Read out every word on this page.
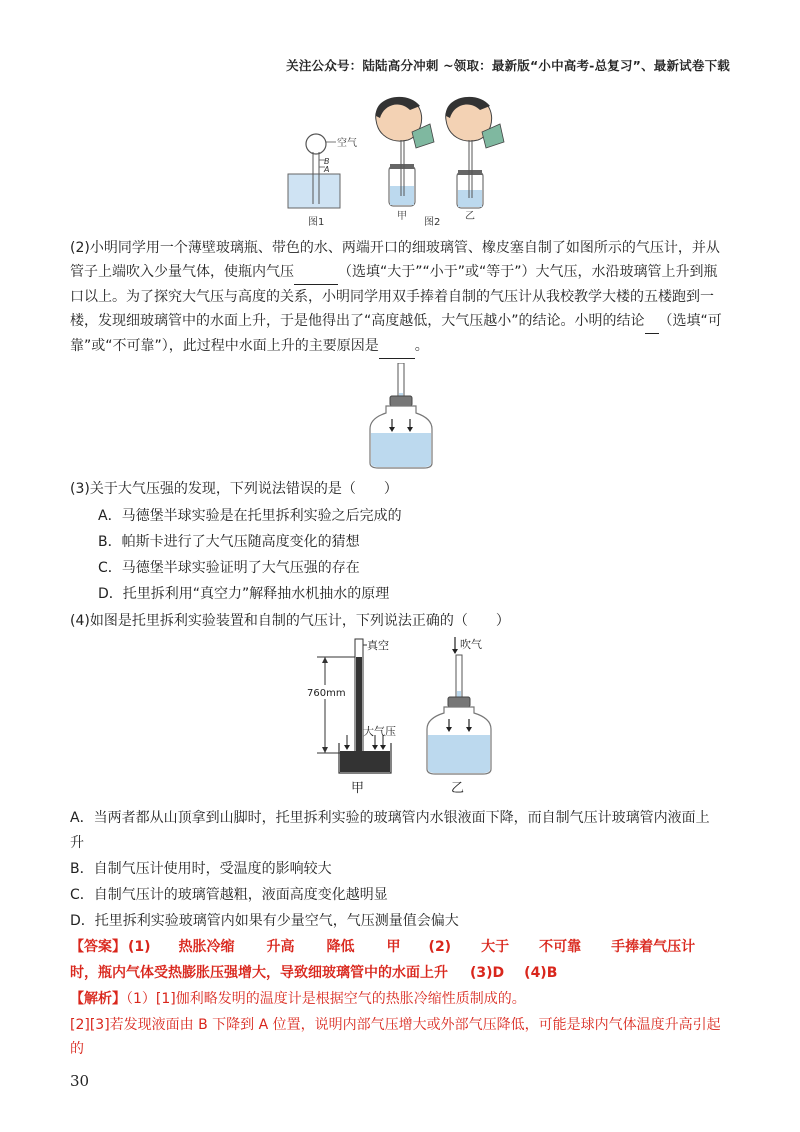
关注公众号：陆陆高分冲刺 ~领取：最新版“小中高考-总复习”、最新试卷下载
空气
B
A
图1
甲
图2
乙
(2)小明同学用一个薄壁玻璃瓶、带色的水、两端开口的细玻璃管、橡皮塞自制了如图所示的气压计，并从管子上端吹入少量气体，使瓶内气压	（选填“大于”“小于”或“等于”）大气压，水沿玻璃管上升到瓶口以上。为了探究大气压与高度的关系，小明同学用双手捧着自制的气压计从我校教学大楼的五楼跑到一楼，发现细玻璃管中的水面上升，于是他得出了“高度越低，大气压越小”的结论。小明的结论 （选填“可靠”或“不可靠”），此过程中水面上升的主要原因是	。
(3)关于大气压强的发现，下列说法错误的是（　　）
A．马德堡半球实验是在托里拆利实验之后完成的
B．帕斯卡进行了大气压随高度变化的猜想
C．马德堡半球实验证明了大气压强的存在
D．托里拆利用“真空力”解释抽水机抽水的原理
(4)如图是托里拆利实验装置和自制的气压计，下列说法正确的（　　）
真空
760mm
大气压
甲
吹气
乙
A．当两者都从山顶拿到山脚时，托里拆利实验的玻璃管内水银液面下降，而自制气压计玻璃管内液面上
升
B．自制气压计使用时，受温度的影响较大
C．自制气压计的玻璃管越粗，液面高度变化越明显
D．托里拆利实验玻璃管内如果有少量空气，气压测量值会偏大
【答案】 (1) 热胀冷缩 升高 降低 甲 (2) 大于 不可靠 手捧着气压计
时，瓶内气体受热膨胀压强增大，导致细玻璃管中的水面上升 (3)D (4)B
【解析】（1）[1]伽利略发明的温度计是根据空气的热胀冷缩性质制成的。
[2][3]若发现液面由 B 下降到 A 位置，说明内部气压增大或外部气压降低，可能是球内气体温度升高引起的
30
